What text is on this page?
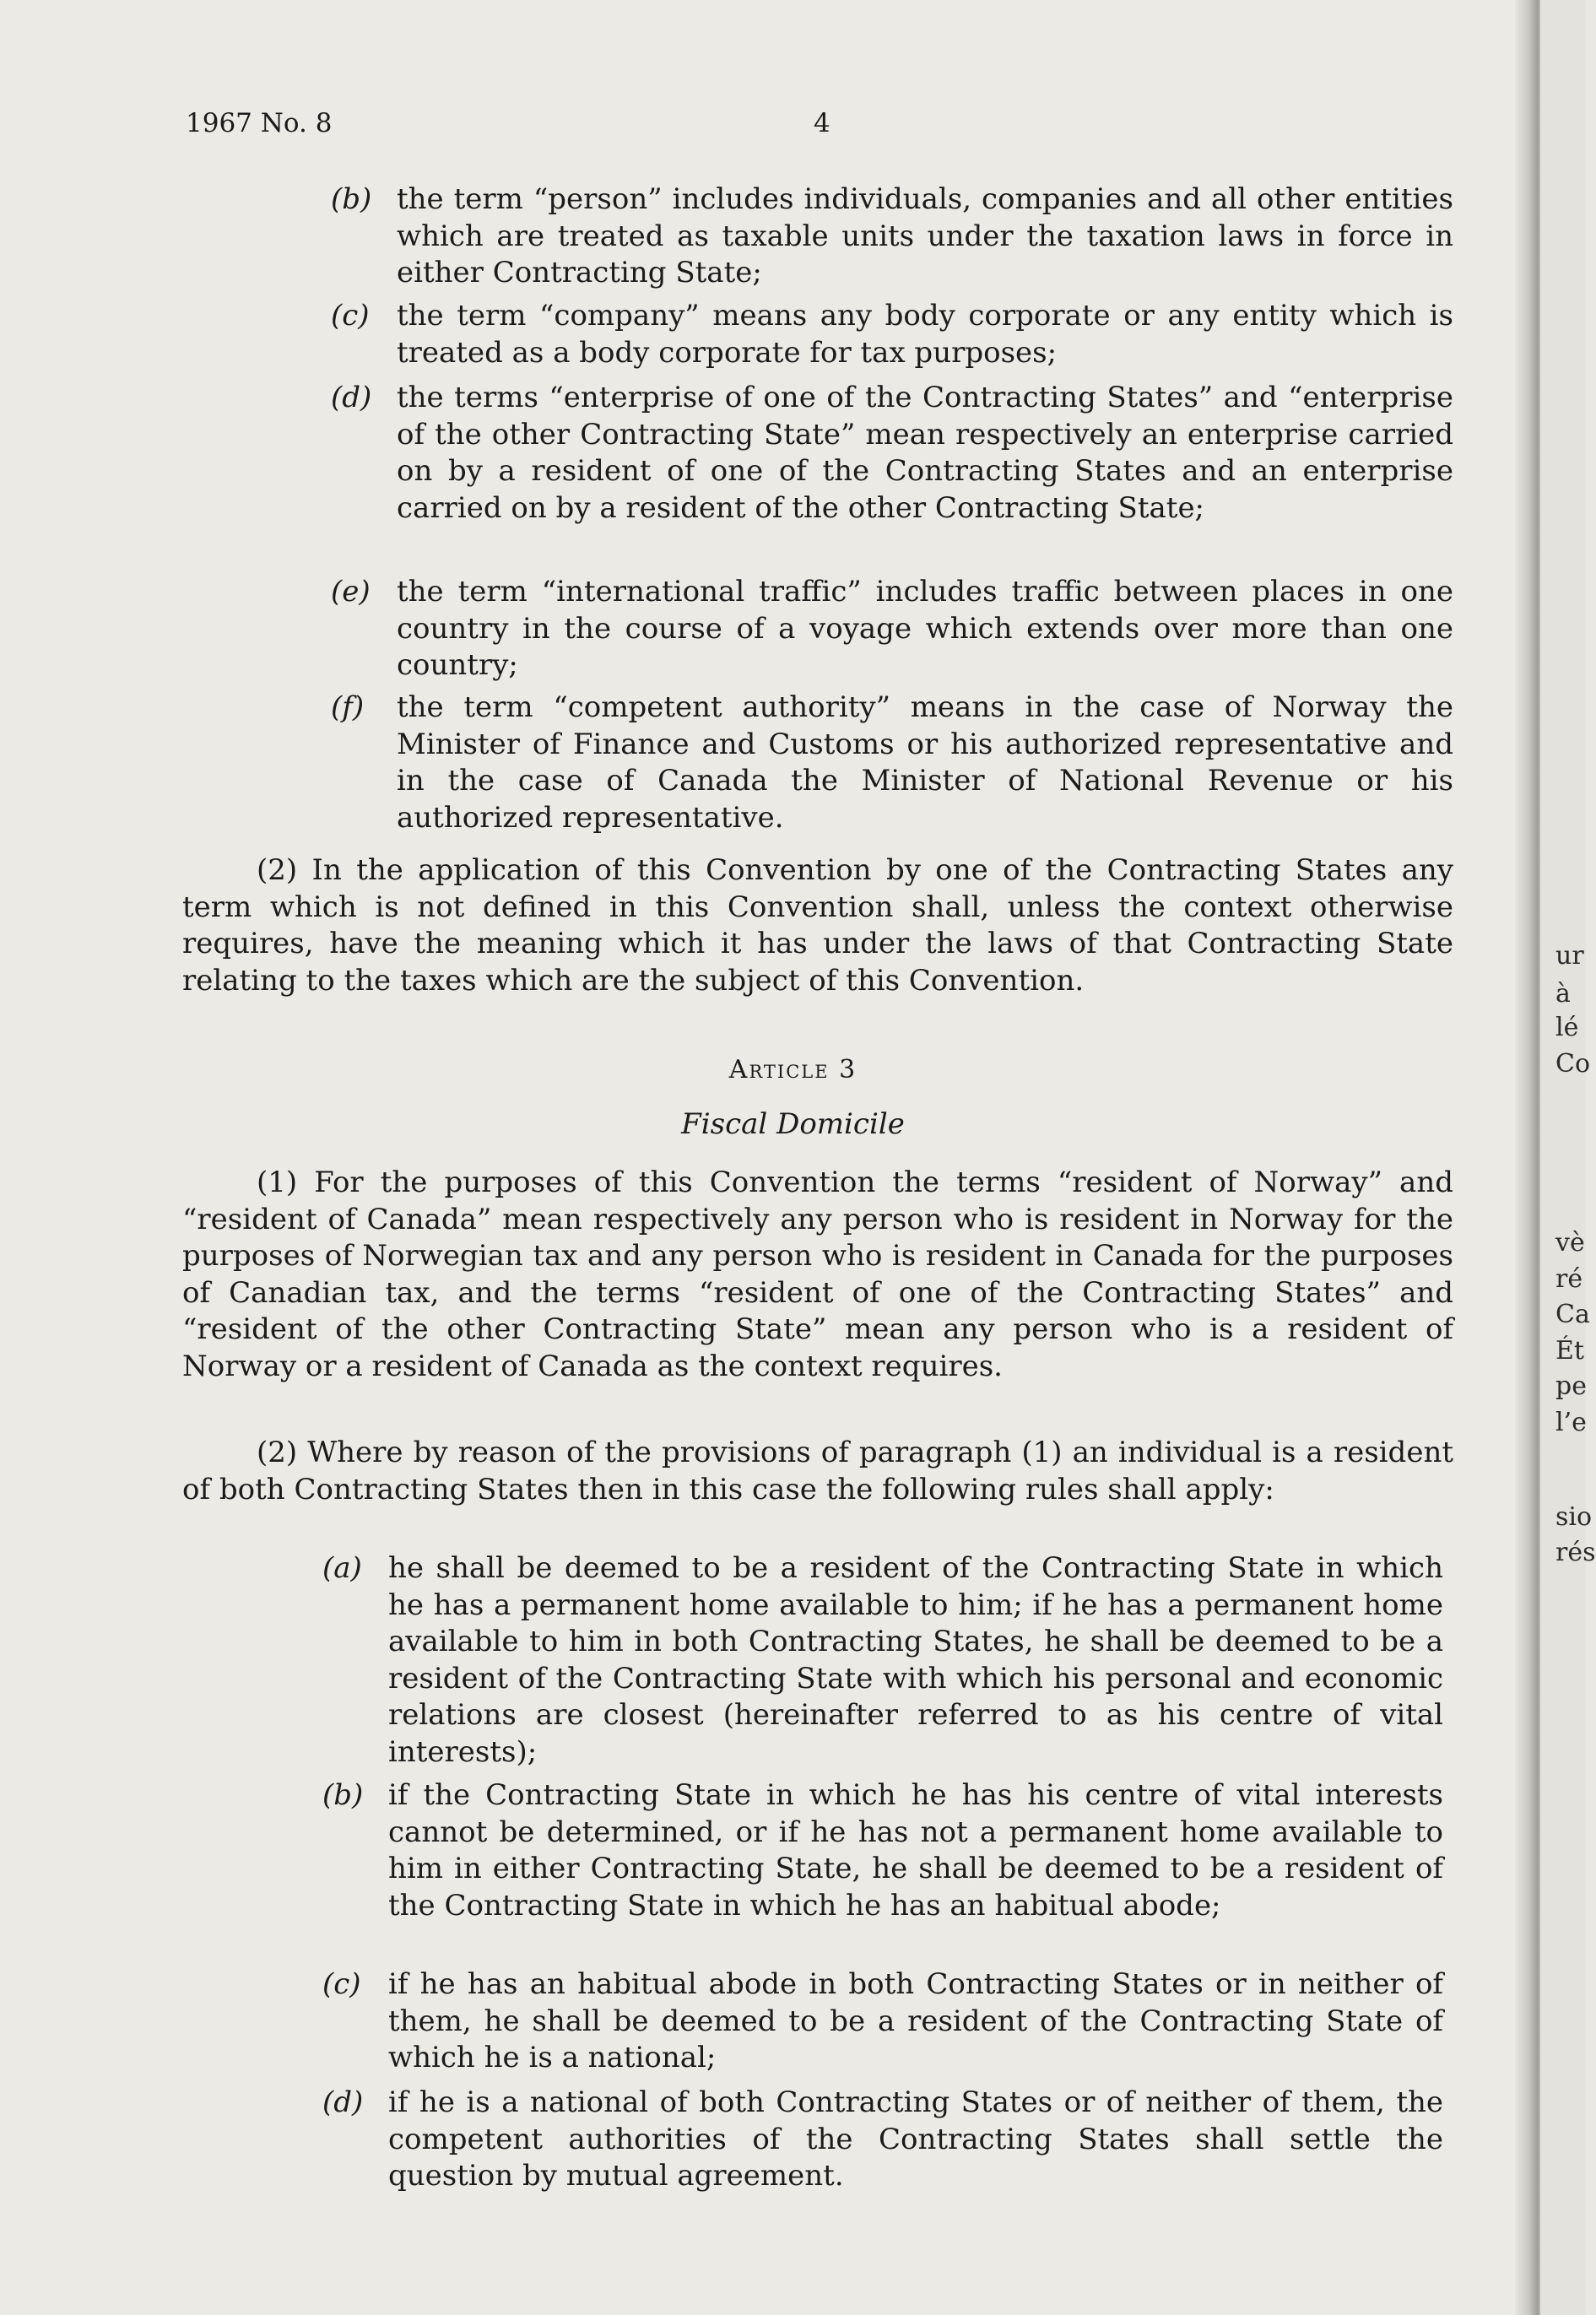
1967 No. 8	4
(b) the term “person” includes individuals, companies and all other entities which are treated as taxable units under the taxation laws in force in either Contracting State;
(c) the term “company” means any body corporate or any entity which is treated as a body corporate for tax purposes;
(d) the terms “enterprise of one of the Contracting States” and “enterprise of the other Contracting State” mean respectively an enterprise carried on by a resident of one of the Contracting States and an enterprise carried on by a resident of the other Contracting State;
(e) the term “international traffic” includes traffic between places in one country in the course of a voyage which extends over more than one country;
(f) the term “competent authority” means in the case of Norway the Minister of Finance and Customs or his authorized representative and in the case of Canada the Minister of National Revenue or his authorized representative.
(2) In the application of this Convention by one of the Contracting States any term which is not defined in this Convention shall, unless the context otherwise requires, have the meaning which it has under the laws of that Contracting State relating to the taxes which are the subject of this Convention.
Article 3
Fiscal Domicile
(1) For the purposes of this Convention the terms “resident of Norway” and “resident of Canada” mean respectively any person who is resident in Norway for the purposes of Norwegian tax and any person who is resident in Canada for the purposes of Canadian tax, and the terms “resident of one of the Contracting States” and “resident of the other Contracting State” mean any person who is a resident of Norway or a resident of Canada as the context requires.
(2) Where by reason of the provisions of paragraph (1) an individual is a resident of both Contracting States then in this case the following rules shall apply:
(a) he shall be deemed to be a resident of the Contracting State in which he has a permanent home available to him; if he has a permanent home available to him in both Contracting States, he shall be deemed to be a resident of the Contracting State with which his personal and economic relations are closest (hereinafter referred to as his centre of vital interests);
(b) if the Contracting State in which he has his centre of vital interests cannot be determined, or if he has not a permanent home available to him in either Contracting State, he shall be deemed to be a resident of the Contracting State in which he has an habitual abode;
(c) if he has an habitual abode in both Contracting States or in neither of them, he shall be deemed to be a resident of the Contracting State of which he is a national;
(d) if he is a national of both Contracting States or of neither of them, the competent authorities of the Contracting States shall settle the question by mutual agreement.
ur
à
lé
Co
vè
ré
Ca
Ét
pe
l’e
sio
rés
